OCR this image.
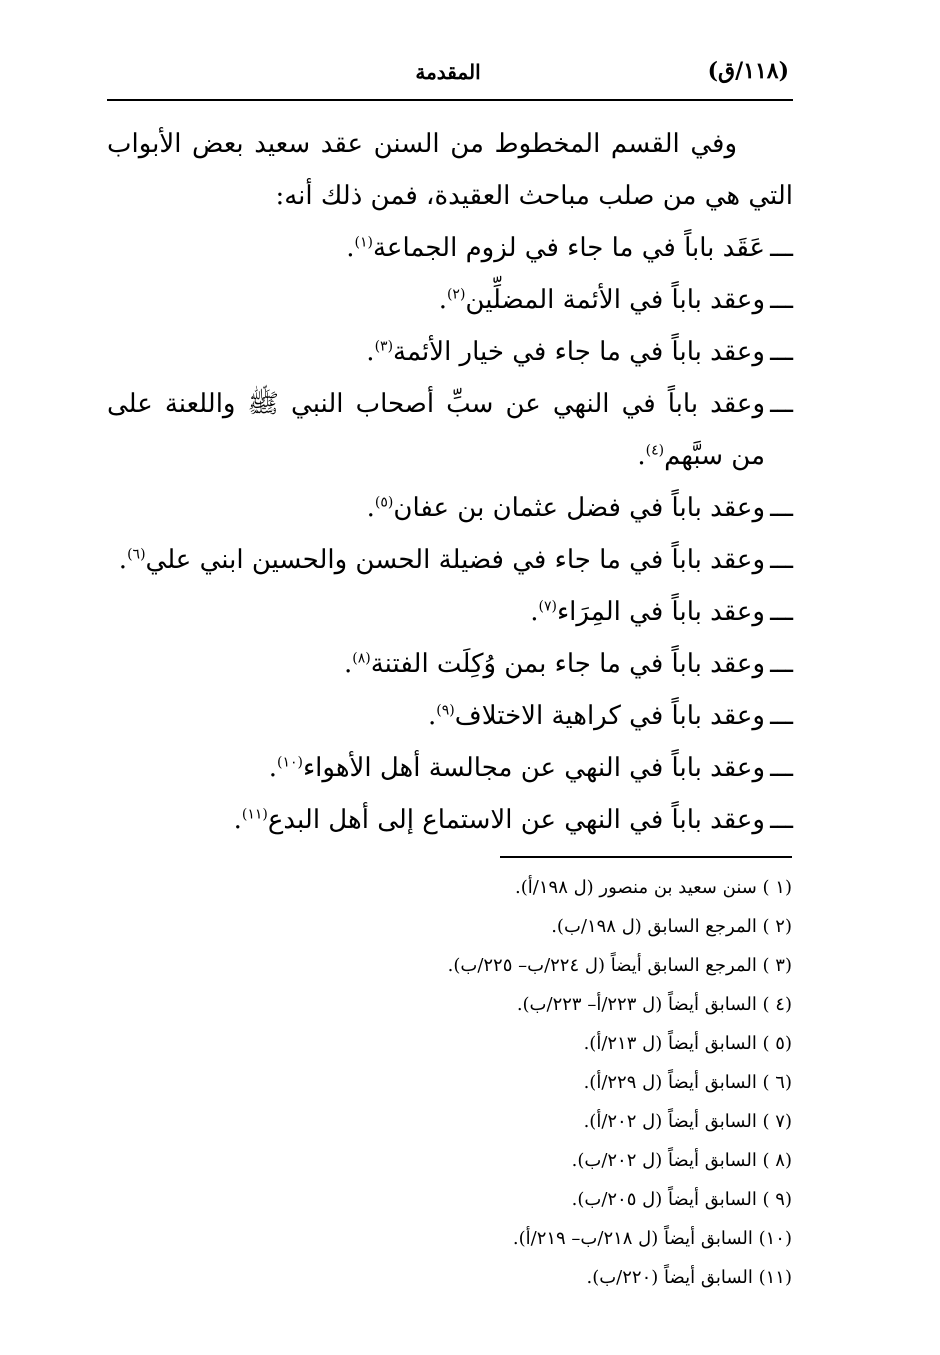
(١١٨/ق)
المقدمة

وفي القسم المخطوط من السنن عقد سعيد بعض الأبواب التي هي من صلب مباحث العقيدة، فمن ذلك أنه:

ـــ
عَقَد باباً في ما جاء في لزوم الجماعة$^{(١)}$.
ـــ
وعقد باباً في الأئمة المضلِّين$^{(٢)}$.
ـــ
وعقد باباً في ما جاء في خيار الأئمة$^{(٣)}$.
ـــ
وعقد باباً في النهي عن سبِّ أصحاب النبي ﷺ واللعنة على من سبَّهم$^{(٤)}$.
ـــ
وعقد باباً في فضل عثمان بن عفان$^{(٥)}$.
ـــ
وعقد باباً في ما جاء في فضيلة الحسن والحسين ابني علي$^{(٦)}$.
ـــ
وعقد باباً في المِرَاء$^{(٧)}$.
ـــ
وعقد باباً في ما جاء بمن وُكِلَت الفتنة$^{(٨)}$.
ـــ
وعقد باباً في كراهية الاختلاف$^{(٩)}$.
ـــ
وعقد باباً في النهي عن مجالسة أهل الأهواء$^{(١٠)}$.
ـــ
وعقد باباً في النهي عن الاستماع إلى أهل البدع$^{(١١)}$.
(١ ) سنن سعيد بن منصور (ل ١٩٨/أ).
(٢ ) المرجع السابق (ل ١٩٨/ب).
(٣ ) المرجع السابق أيضاً (ل ٢٢٤/ب– ٢٢٥/ب).
(٤ ) السابق أيضاً (ل ٢٢٣/أ– ٢٢٣/ب).
(٥ ) السابق أيضاً (ل ٢١٣/أ).
(٦ ) السابق أيضاً (ل ٢٢٩/أ).
(٧ ) السابق أيضاً (ل ٢٠٢/أ).
(٨ ) السابق أيضاً (ل ٢٠٢/ب).
(٩ ) السابق أيضاً (ل ٢٠٥/ب).
(١٠) السابق أيضاً (ل ٢١٨/ب– ٢١٩/أ).
(١١) السابق أيضاً (٢٢٠/ب).
